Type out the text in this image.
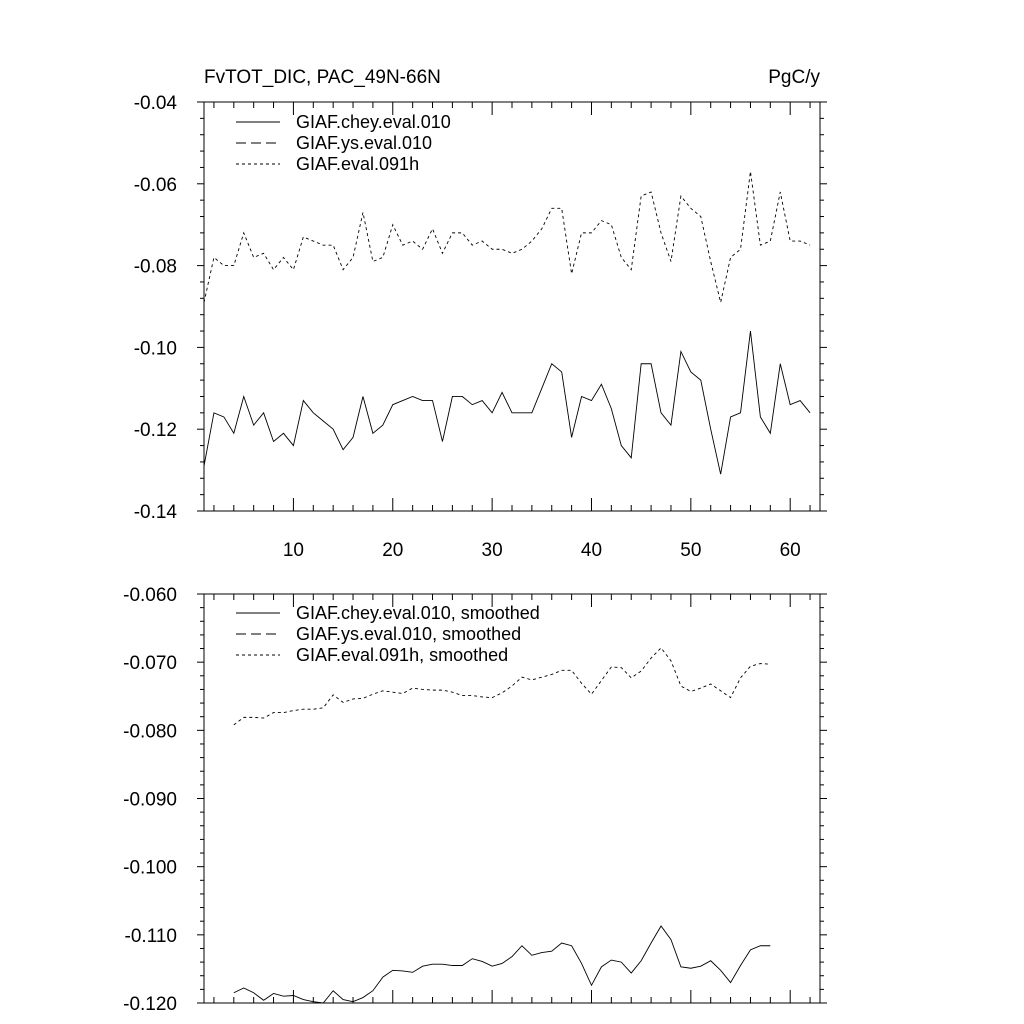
FvTOT_DIC, PAC_49N-66N	PgC/y
-0.14
-0.12
-0.10
-0.08
-0.06
-0.04
10	20	30	40	50	60
GIAF.chey.eval.010
GIAF.ys.eval.010
GIAF.eval.091h
-0.120
-0.110
-0.100
-0.090
-0.080
-0.070
-0.060
GIAF.chey.eval.010, smoothed
GIAF.ys.eval.010, smoothed
GIAF.eval.091h, smoothed
